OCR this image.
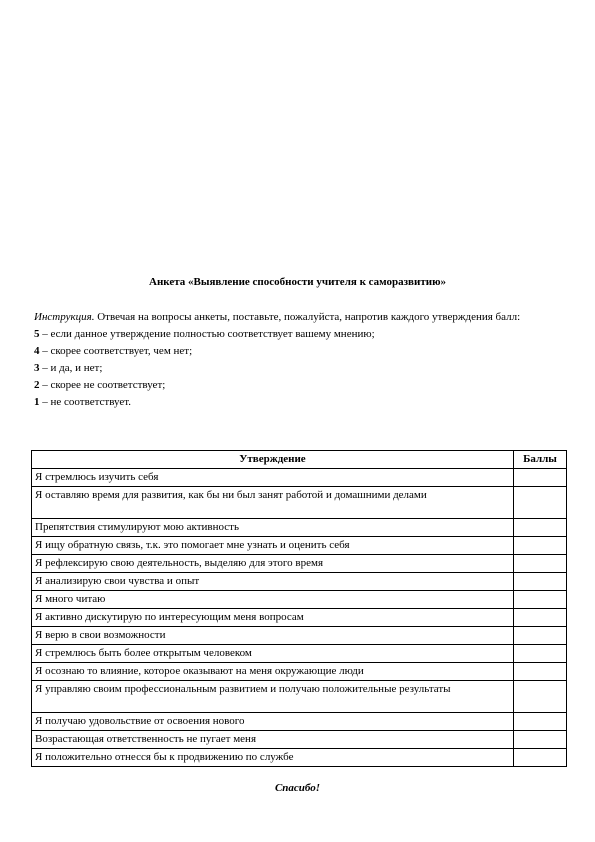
Анкета «Выявление способности учителя к саморазвитию»

Инструкция. Отвечая на вопросы анкеты, поставьте, пожалуйста, напротив каждого утверждения балл:

5 – если данное утверждение полностью соответствует вашему мнению;

4 – скорее соответствует, чем нет;

3 – и да, и нет;

2 – скорее не соответствует;

1 – не соответствует.

Утверждение	Баллы
Я стремлюсь изучить себя	
Я оставляю время для развития, как бы ни был занят работой и домашними делами	
Препятствия стимулируют мою активность	
Я ищу обратную связь, т.к. это помогает мне узнать и оценить себя	
Я рефлексирую свою деятельность, выделяю для этого время	
Я анализирую свои чувства и опыт	
Я много читаю	
Я активно дискутирую по интересующим меня вопросам	
Я верю в свои возможности	
Я стремлюсь быть более открытым человеком	
Я осознаю то влияние, которое оказывают на меня окружающие люди	
Я управляю своим профессиональным развитием и получаю положительные результаты	
Я получаю удовольствие от освоения нового	
Возрастающая ответственность не пугает меня	
Я положительно отнесся бы к продвижению по службе	
Спасибо!
